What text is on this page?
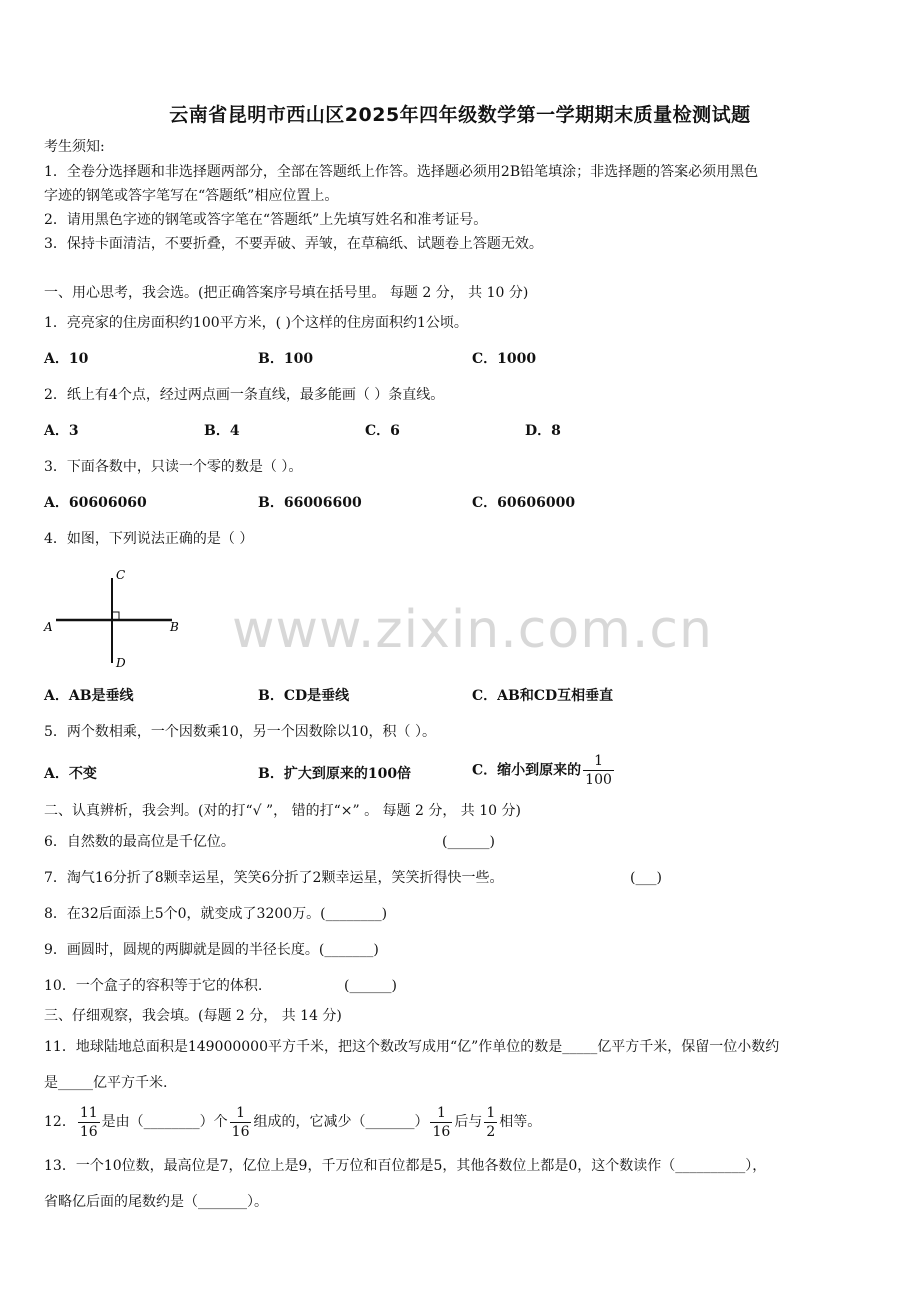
www.zixin.com.cn
云南省昆明市西山区2025年四年级数学第一学期期末质量检测试题
考生须知:
1．全卷分选择题和非选择题两部分，全部在答题纸上作答。选择题必须用2B铅笔填涂；非选择题的答案必须用黑色
字迹的钢笔或答字笔写在“答题纸”相应位置上。
2．请用黑色字迹的钢笔或答字笔在“答题纸”上先填写姓名和准考证号。
3．保持卡面清洁，不要折叠，不要弄破、弄皱，在草稿纸、试题卷上答题无效。
一、用心思考，我会选。(把正确答案序号填在括号里。 每题 2 分， 共 10 分)
1．亮亮家的住房面积约100平方米，( )个这样的住房面积约1公顷。
A．10	B．100	C．1000
2．纸上有4个点，经过两点画一条直线，最多能画（ ）条直线。
A．3	B．4	C．6	D．8
3．下面各数中，只读一个零的数是（ ）。
A．60606060	B．66006600	C．60606000
4．如图，下列说法正确的是（ ）
C
A	B
D
A．AB是垂线	B．CD是垂线	C．AB和CD互相垂直
5．两个数相乘，一个因数乘10，另一个因数除以10，积（ ）。
A．不变	B．扩大到原来的100倍	C．缩小到原来的 $\frac{1}{100}$
二、认真辨析，我会判。(对的打“√ ”， 错的打“×” 。 每题 2 分， 共 10 分)
6．自然数的最高位是千亿位。	(______)
7．淘气16分折了8颗幸运星，笑笑6分折了2颗幸运星，笑笑折得快一些。	(___)
8．在32后面添上5个0，就变成了3200万。(________)
9．画圆时，圆规的两脚就是圆的半径长度。(_______)
10．一个盒子的容积等于它的体积.	(______)
三、仔细观察，我会填。(每题 2 分， 共 14 分)
11．地球陆地总面积是149000000平方千米，把这个数改写成用“亿”作单位的数是_____亿平方千米，保留一位小数约
是_____亿平方千米.
12． $\frac{11}{16}$ 是由（________）个 $\frac{1}{16}$ 组成的，它减少（_______） $\frac{1}{16}$ 后与 $\frac{1}{2}$ 相等。
13．一个10位数，最高位是7，亿位上是9，千万位和百位都是5，其他各数位上都是0，这个数读作（__________），
省略亿后面的尾数约是（_______）。
